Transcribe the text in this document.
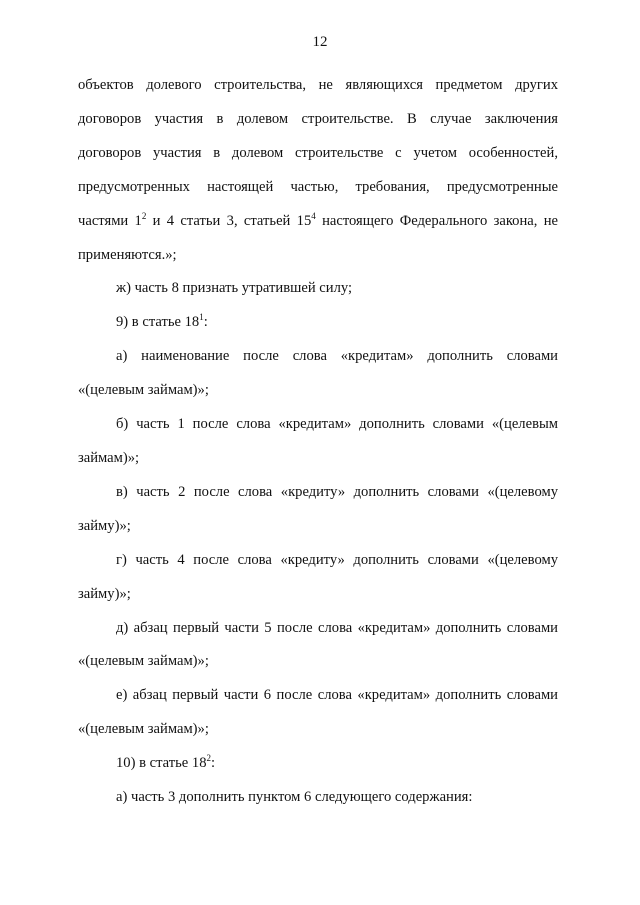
12
объектов долевого строительства, не являющихся предметом других
договоров участия в долевом строительстве. В случае заключения
договоров участия в долевом строительстве с учетом особенностей,
предусмотренных настоящей частью, требования, предусмотренные
частями $1^2$ и 4 статьи 3, статьей $15^4$ настоящего Федерального закона, не
применяются.»;
ж) часть 8 признать утратившей силу;
9) в статье $18^1$:
а) наименование после слова «кредитам» дополнить словами
«(целевым займам)»;
б) часть 1 после слова «кредитам» дополнить словами «(целевым
займам)»;
в) часть 2 после слова «кредиту» дополнить словами «(целевому
займу)»;
г) часть 4 после слова «кредиту» дополнить словами «(целевому
займу)»;
д) абзац первый части 5 после слова «кредитам» дополнить словами
«(целевым займам)»;
е) абзац первый части 6 после слова «кредитам» дополнить словами
«(целевым займам)»;
10) в статье $18^2$:
а) часть 3 дополнить пунктом 6 следующего содержания:
